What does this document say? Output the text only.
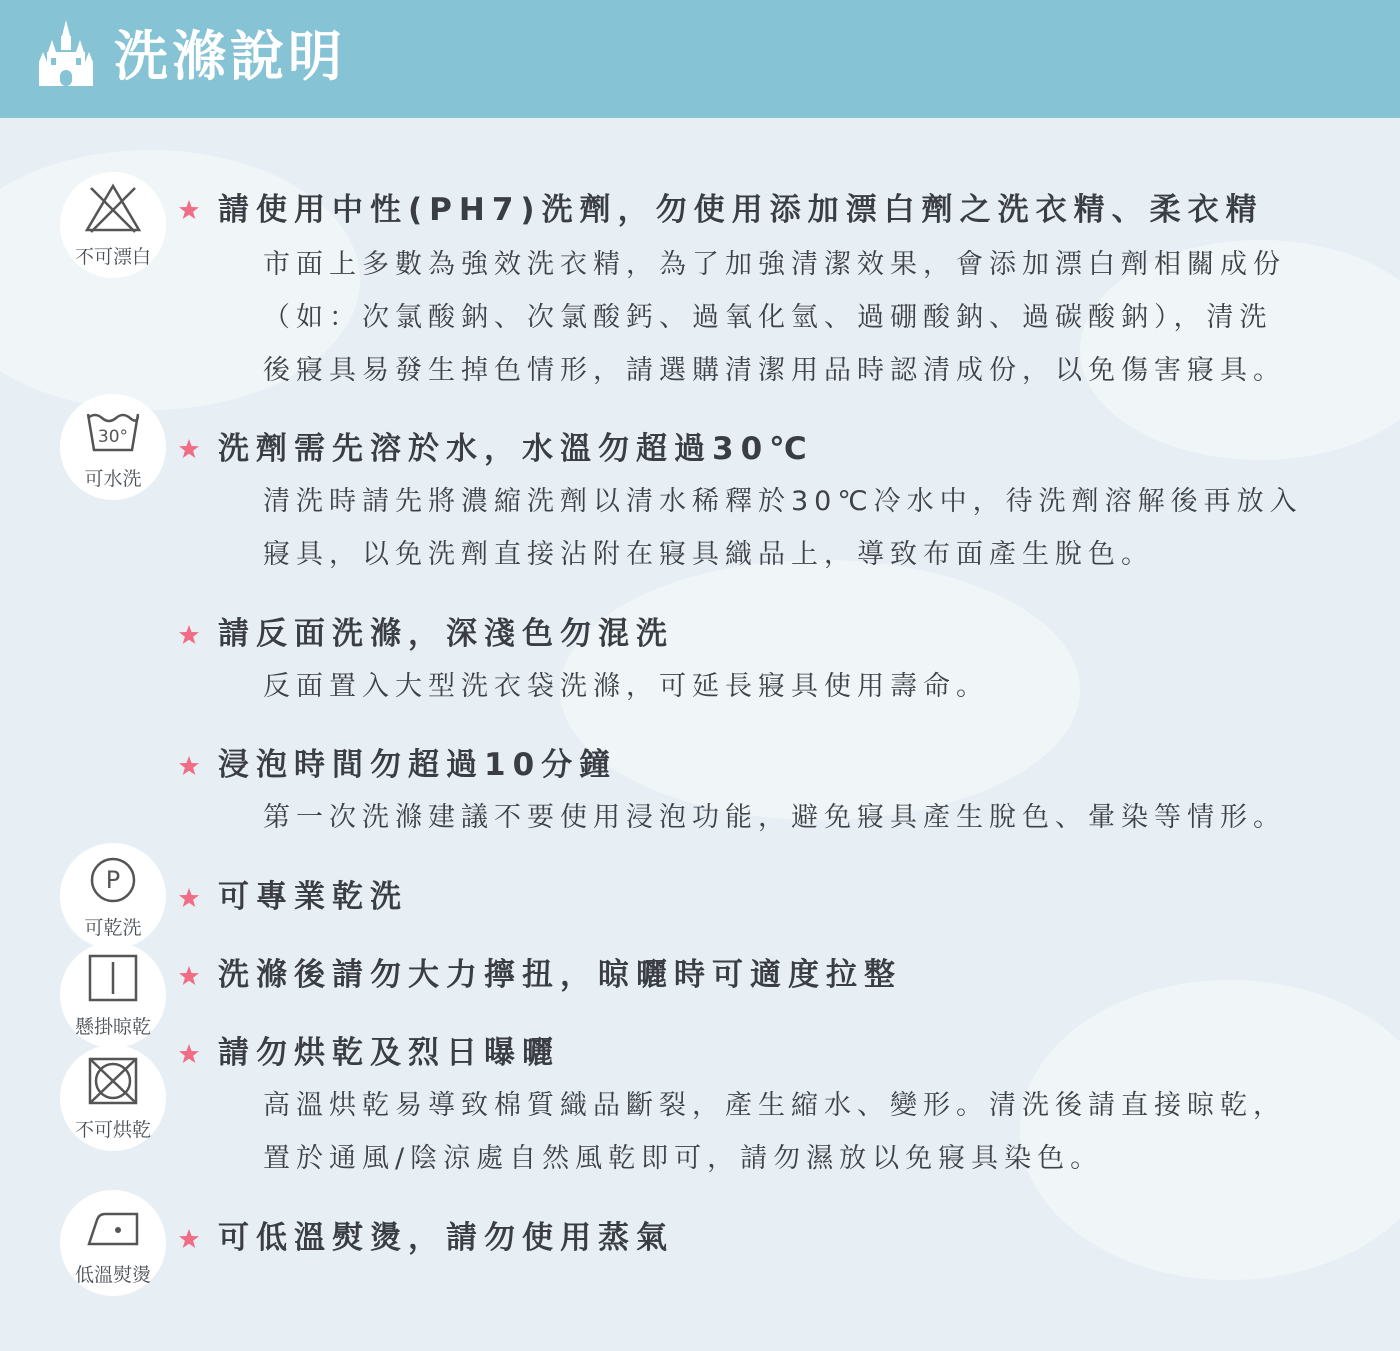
洗滌說明
不可漂白
30°
可水洗
P
可乾洗
懸掛晾乾
不可烘乾
低溫熨燙
請使用中性(PH7)洗劑，勿使用添加漂白劑之洗衣精、柔衣精
市面上多數為強效洗衣精，為了加強清潔效果，會添加漂白劑相關成份
（如：次氯酸鈉、次氯酸鈣、過氧化氫、過硼酸鈉、過碳酸鈉），清洗
後寢具易發生掉色情形，請選購清潔用品時認清成份，以免傷害寢具。
洗劑需先溶於水，水溫勿超過30℃
清洗時請先將濃縮洗劑以清水稀釋於30℃冷水中，待洗劑溶解後再放入
寢具，以免洗劑直接沾附在寢具織品上，導致布面產生脫色。
請反面洗滌，深淺色勿混洗
反面置入大型洗衣袋洗滌，可延長寢具使用壽命。
浸泡時間勿超過10分鐘
第一次洗滌建議不要使用浸泡功能，避免寢具產生脫色、暈染等情形。
可專業乾洗
洗滌後請勿大力擰扭，晾曬時可適度拉整
請勿烘乾及烈日曝曬
高溫烘乾易導致棉質織品斷裂，產生縮水、變形。清洗後請直接晾乾，
置於通風/陰涼處自然風乾即可，請勿濕放以免寢具染色。
可低溫熨燙，請勿使用蒸氣
